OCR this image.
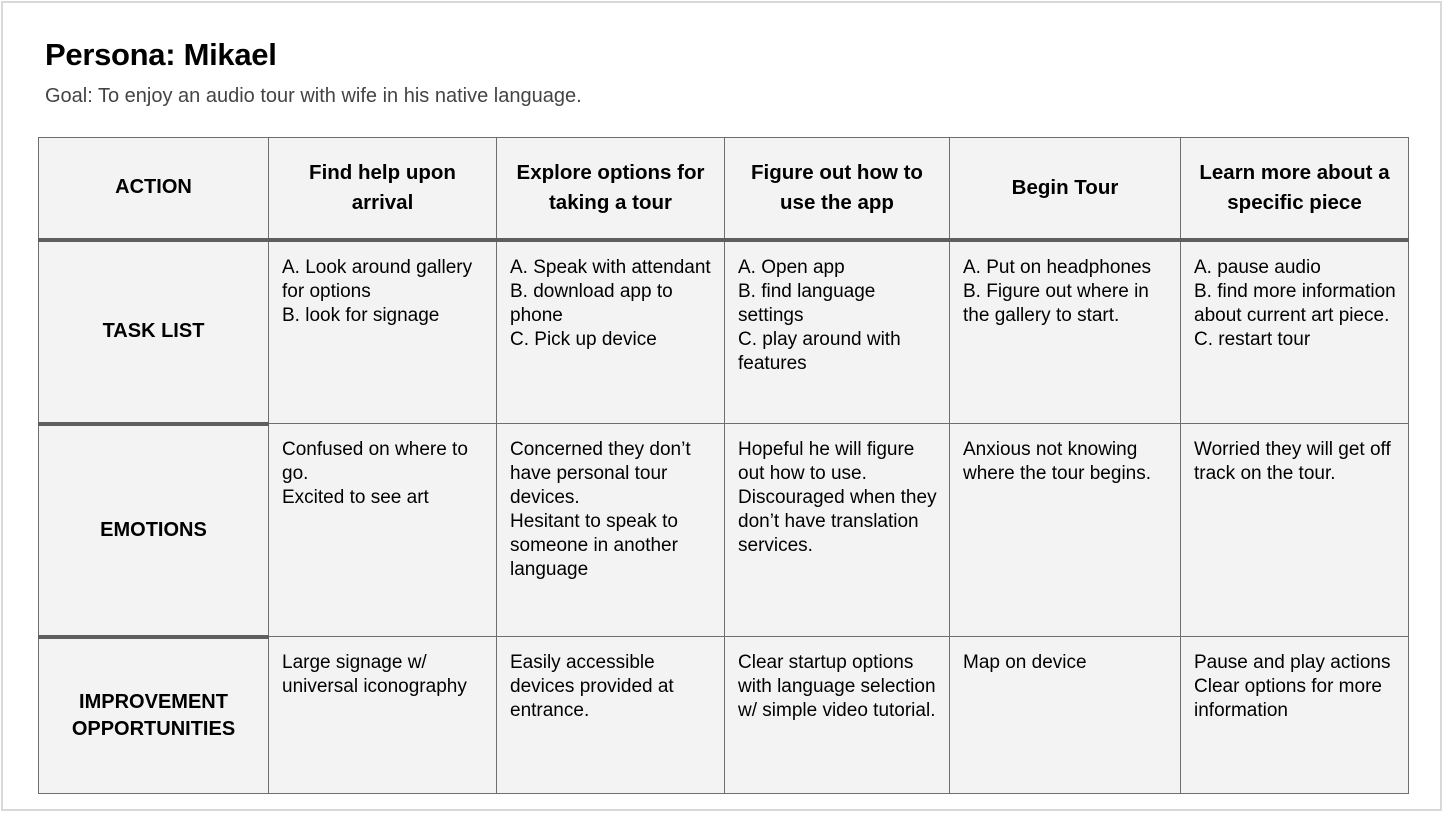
Persona: Mikael

Goal: To enjoy an audio tour with wife in his native language.

ACTION	Find help upon arrival	Explore options for taking a tour	Figure out how to use the app	Begin Tour	Learn more about a specific piece
TASK LIST	A. Look around gallery for options
B. look for signage	A. Speak with attendant
B. download app to phone
C. Pick up device	A. Open app
B. find language settings
C. play around with features	A. Put on headphones
B. Figure out where in the gallery to start.	A. pause audio
B. find more information about current art piece.
C. restart tour

EMOTIONS	Confused on where to go.
Excited to see art	Concerned they don’t have personal tour devices.
Hesitant to speak to someone in another language	Hopeful he will figure out how to use.
Discouraged when they don’t have translation services.	Anxious not knowing where the tour begins.	Worried they will get off track on the tour.

IMPROVEMENT OPPORTUNITIES	Large signage w/ universal iconography	Easily accessible devices provided at entrance.	Clear startup options with language selection w/ simple video tutorial.	Map on device	Pause and play actions
Clear options for more information
